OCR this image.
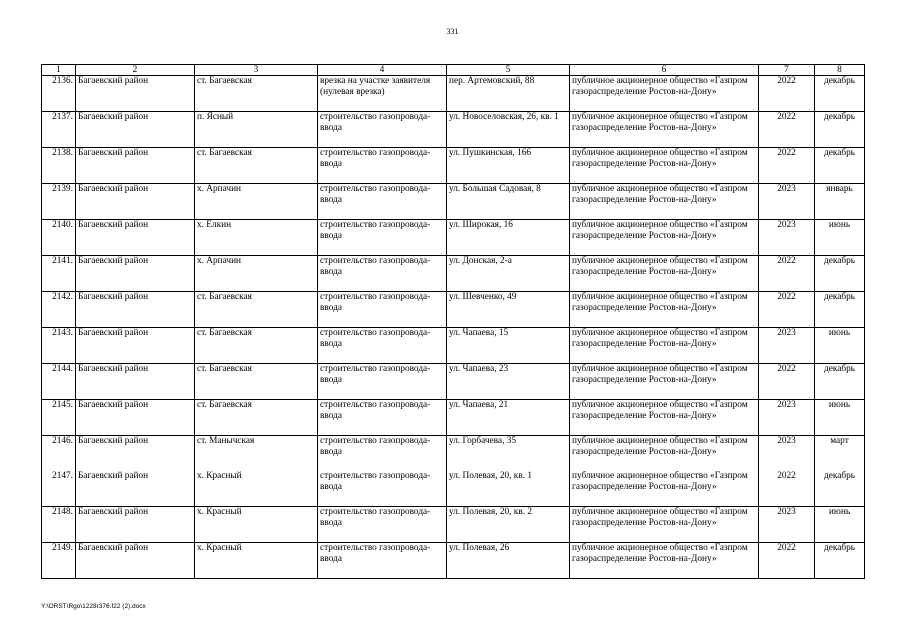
331
1	2	3	4	5	6	7	8
2136.	Багаевский район	ст. Багаевская	врезка на участке заявителя (нулевая врезка)	пер. Артемовский, 88	публичное акционерное общество «Газпром газораспределение Ростов-на-Дону»	2022	декабрь
2137.	Багаевский район	п. Ясный	строительство газопровода-ввода	ул. Новоселовская, 26, кв. 1	публичное акционерное общество «Газпром газораспределение Ростов-на-Дону»	2022	декабрь
2138.	Багаевский район	ст. Багаевская	строительство газопровода-ввода	ул. Пушкинская, 166	публичное акционерное общество «Газпром газораспределение Ростов-на-Дону»	2022	декабрь
2139.	Багаевский район	х. Арпачин	строительство газопровода-ввода	ул. Большая Садовая, 8	публичное акционерное общество «Газпром газораспределение Ростов-на-Дону»	2023	январь
2140.	Багаевский район	х. Елкин	строительство газопровода-ввода	ул. Широкая, 16	публичное акционерное общество «Газпром газораспределение Ростов-на-Дону»	2023	июнь
2141.	Багаевский район	х. Арпачин	строительство газопровода-ввода	ул. Донская, 2-а	публичное акционерное общество «Газпром газораспределение Ростов-на-Дону»	2022	декабрь
2142.	Багаевский район	ст. Багаевская	строительство газопровода-ввода	ул. Шевченко, 49	публичное акционерное общество «Газпром газораспределение Ростов-на-Дону»	2022	декабрь
2143.	Багаевский район	ст. Багаевская	строительство газопровода-ввода	ул. Чапаева, 15	публичное акционерное общество «Газпром газораспределение Ростов-на-Дону»	2023	июнь
2144.	Багаевский район	ст. Багаевская	строительство газопровода-ввода	ул. Чапаева, 23	публичное акционерное общество «Газпром газораспределение Ростов-на-Дону»	2022	декабрь
2145.	Багаевский район	ст. Багаевская	строительство газопровода-ввода	ул. Чапаева, 21	публичное акционерное общество «Газпром газораспределение Ростов-на-Дону»	2023	июнь
2146.	Багаевский район	ст. Манычская	строительство газопровода-ввода	ул. Горбачева, 35	публичное акционерное общество «Газпром газораспределение Ростов-на-Дону»	2023	март
2147.	Багаевский район	х. Красный	строительство газопровода-ввода	ул. Полевая, 20, кв. 1	публичное акционерное общество «Газпром газораспределение Ростов-на-Дону»	2022	декабрь
2148.	Багаевский район	х. Красный	строительство газопровода-ввода	ул. Полевая, 20, кв. 2	публичное акционерное общество «Газпром газораспределение Ростов-на-Дону»	2023	июнь
2149.	Багаевский район	х. Красный	строительство газопровода-ввода	ул. Полевая, 26	публичное акционерное общество «Газпром газораспределение Ростов-на-Дону»	2022	декабрь
Y:\ORST\Rgo\1228r376.f22 (2).docx
